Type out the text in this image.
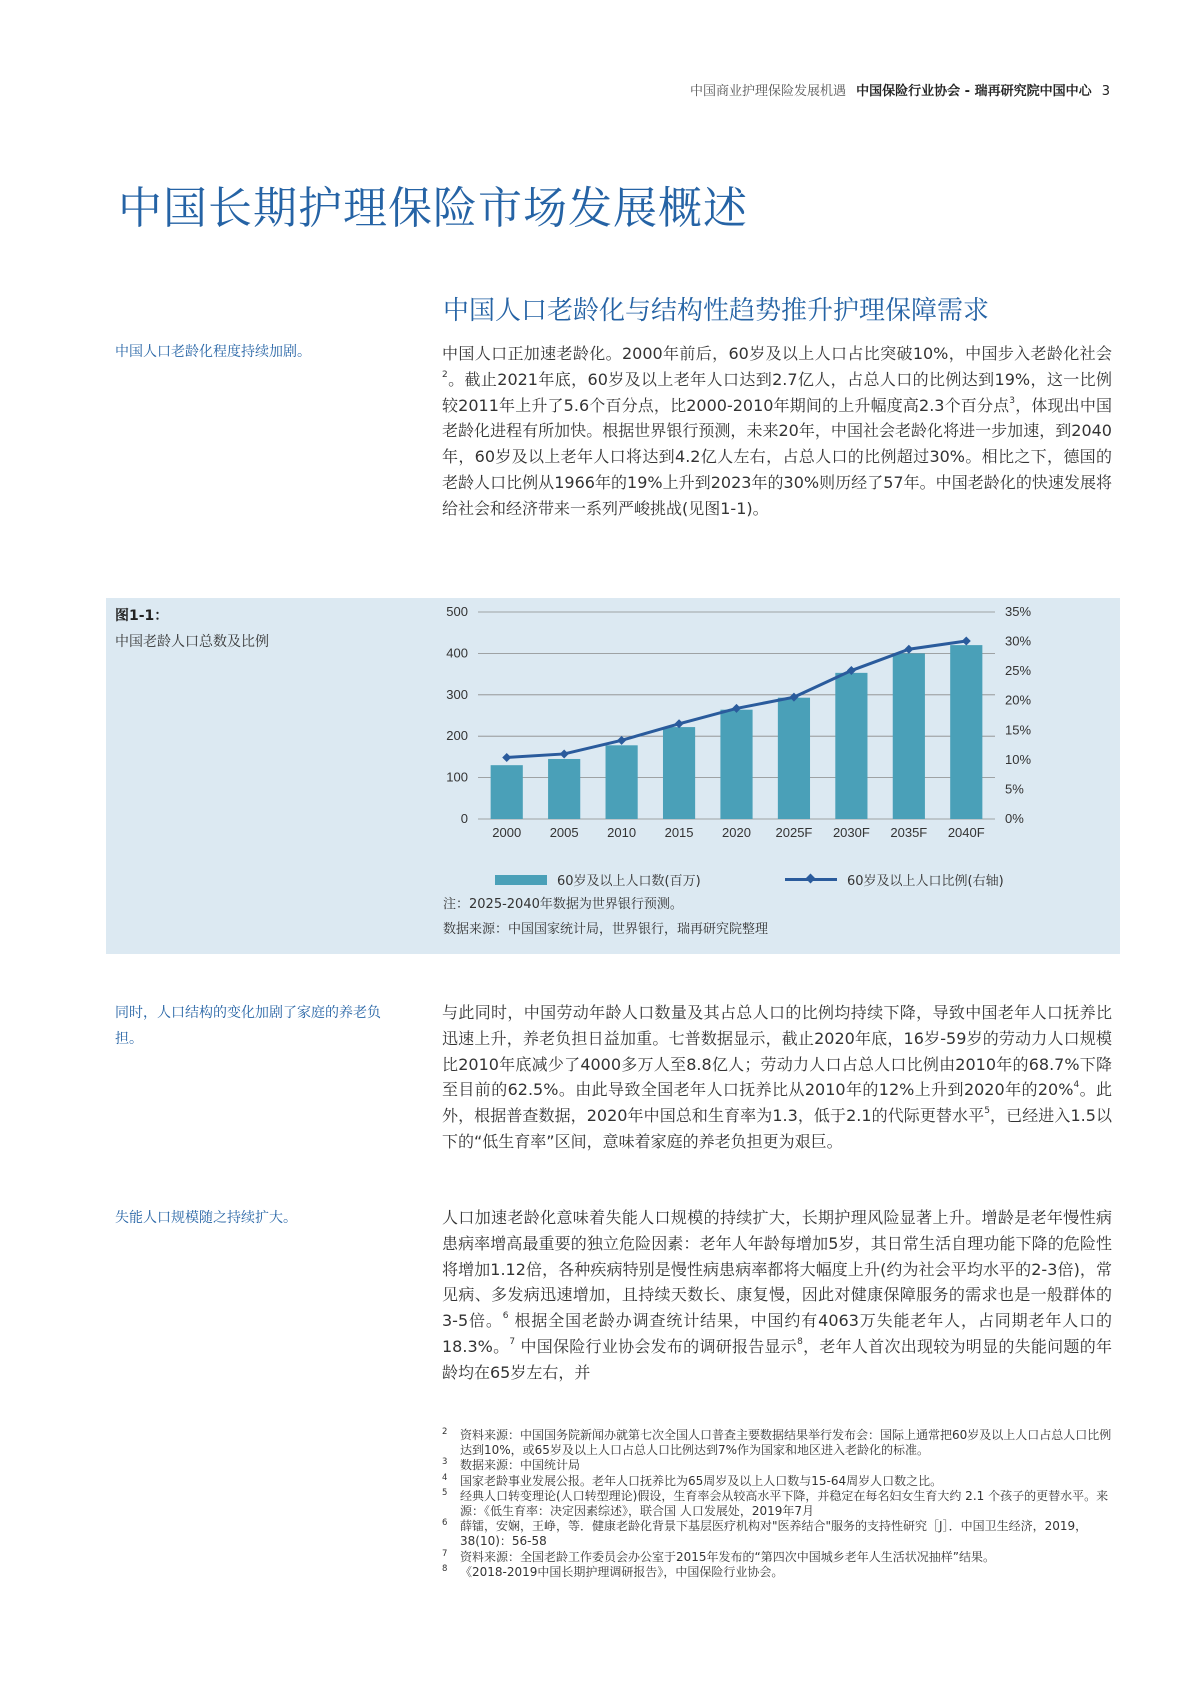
中国商业护理保险发展机遇 中国保险行业协会 - 瑞再研究院中国中心 3
中国长期护理保险市场发展概述
中国人口老龄化与结构性趋势推升护理保障需求
中国人口老龄化程度持续加剧。
同时，人口结构的变化加剧了家庭的养老负担。
失能人口规模随之持续扩大。

中国人口正加速老龄化。2000年前后，60岁及以上人口占比突破10%，中国步入老龄化社会$^2$。截止2021年底，60岁及以上老年人口达到2.7亿人，占总人口的比例达到19%，这一比例较2011年上升了5.6个百分点，比2000-2010年期间的上升幅度高2.3个百分点$^3$，体现出中国老龄化进程有所加快。根据世界银行预测，未来20年，中国社会老龄化将进一步加速，到2040年，60岁及以上老年人口将达到4.2亿人左右，占总人口的比例超过30%。相比之下，德国的老龄人口比例从1966年的19%上升到2023年的30%则历经了57年。中国老龄化的快速发展将给社会和经济带来一系列严峻挑战(见图1-1)。

图1-1：
中国老龄人口总数及比例
0
100
200
300
400
500
0%
5%
10%
15%
20%
25%
30%
35%
2000 2005 2010 2015 2020 2025F 2030F 2035F 2040F
60岁及以上人口数(百万)	60岁及以上人口比例(右轴)
注：2025-2040年数据为世界银行预测。
数据来源：中国国家统计局，世界银行，瑞再研究院整理

与此同时，中国劳动年龄人口数量及其占总人口的比例均持续下降，导致中国老年人口抚养比迅速上升，养老负担日益加重。七普数据显示，截止2020年底，16岁-59岁的劳动力人口规模比2010年底减少了4000多万人至8.8亿人；劳动力人口占总人口比例由2010年的68.7%下降至目前的62.5%。由此导致全国老年人口抚养比从2010年的12%上升到2020年的20%$^4$。此外，根据普查数据，2020年中国总和生育率为1.3，低于2.1的代际更替水平$^5$，已经进入1.5以下的“低生育率”区间，意味着家庭的养老负担更为艰巨。

人口加速老龄化意味着失能人口规模的持续扩大，长期护理风险显著上升。增龄是老年慢性病患病率增高最重要的独立危险因素：老年人年龄每增加5岁，其日常生活自理功能下降的危险性将增加1.12倍，各种疾病特别是慢性病患病率都将大幅度上升(约为社会平均水平的2-3倍)，常见病、多发病迅速增加，且持续天数长、康复慢，因此对健康保障服务的需求也是一般群体的3-5倍。$^6$ 根据全国老龄办调查统计结果，中国约有4063万失能老年人，占同期老年人口的18.3%。$^7$ 中国保险行业协会发布的调研报告显示$^8$，老年人首次出现较为明显的失能问题的年龄均在65岁左右，并

2 资料来源：中国国务院新闻办就第七次全国人口普查主要数据结果举行发布会：国际上通常把60岁及以上人口占总人口比例达到10%，或65岁及以上人口占总人口比例达到7%作为国家和地区进入老龄化的标准。
3 数据来源：中国统计局
4 国家老龄事业发展公报。老年人口抚养比为65周岁及以上人口数与15-64周岁人口数之比。
5 经典人口转变理论(人口转型理论)假设，生育率会从较高水平下降，并稳定在每名妇女生育大约 2.1 个孩子的更替水平。来源：《低生育率：决定因素综述》，联合国 人口发展处，2019年7月
6 薛镭，安娴，王峥，等．健康老龄化背景下基层医疗机构对"医养结合"服务的支持性研究［J］．中国卫生经济，2019，38(10)：56-58
7 资料来源：全国老龄工作委员会办公室于2015年发布的“第四次中国城乡老年人生活状况抽样”结果。
8 《2018-2019中国长期护理调研报告》，中国保险行业协会。
